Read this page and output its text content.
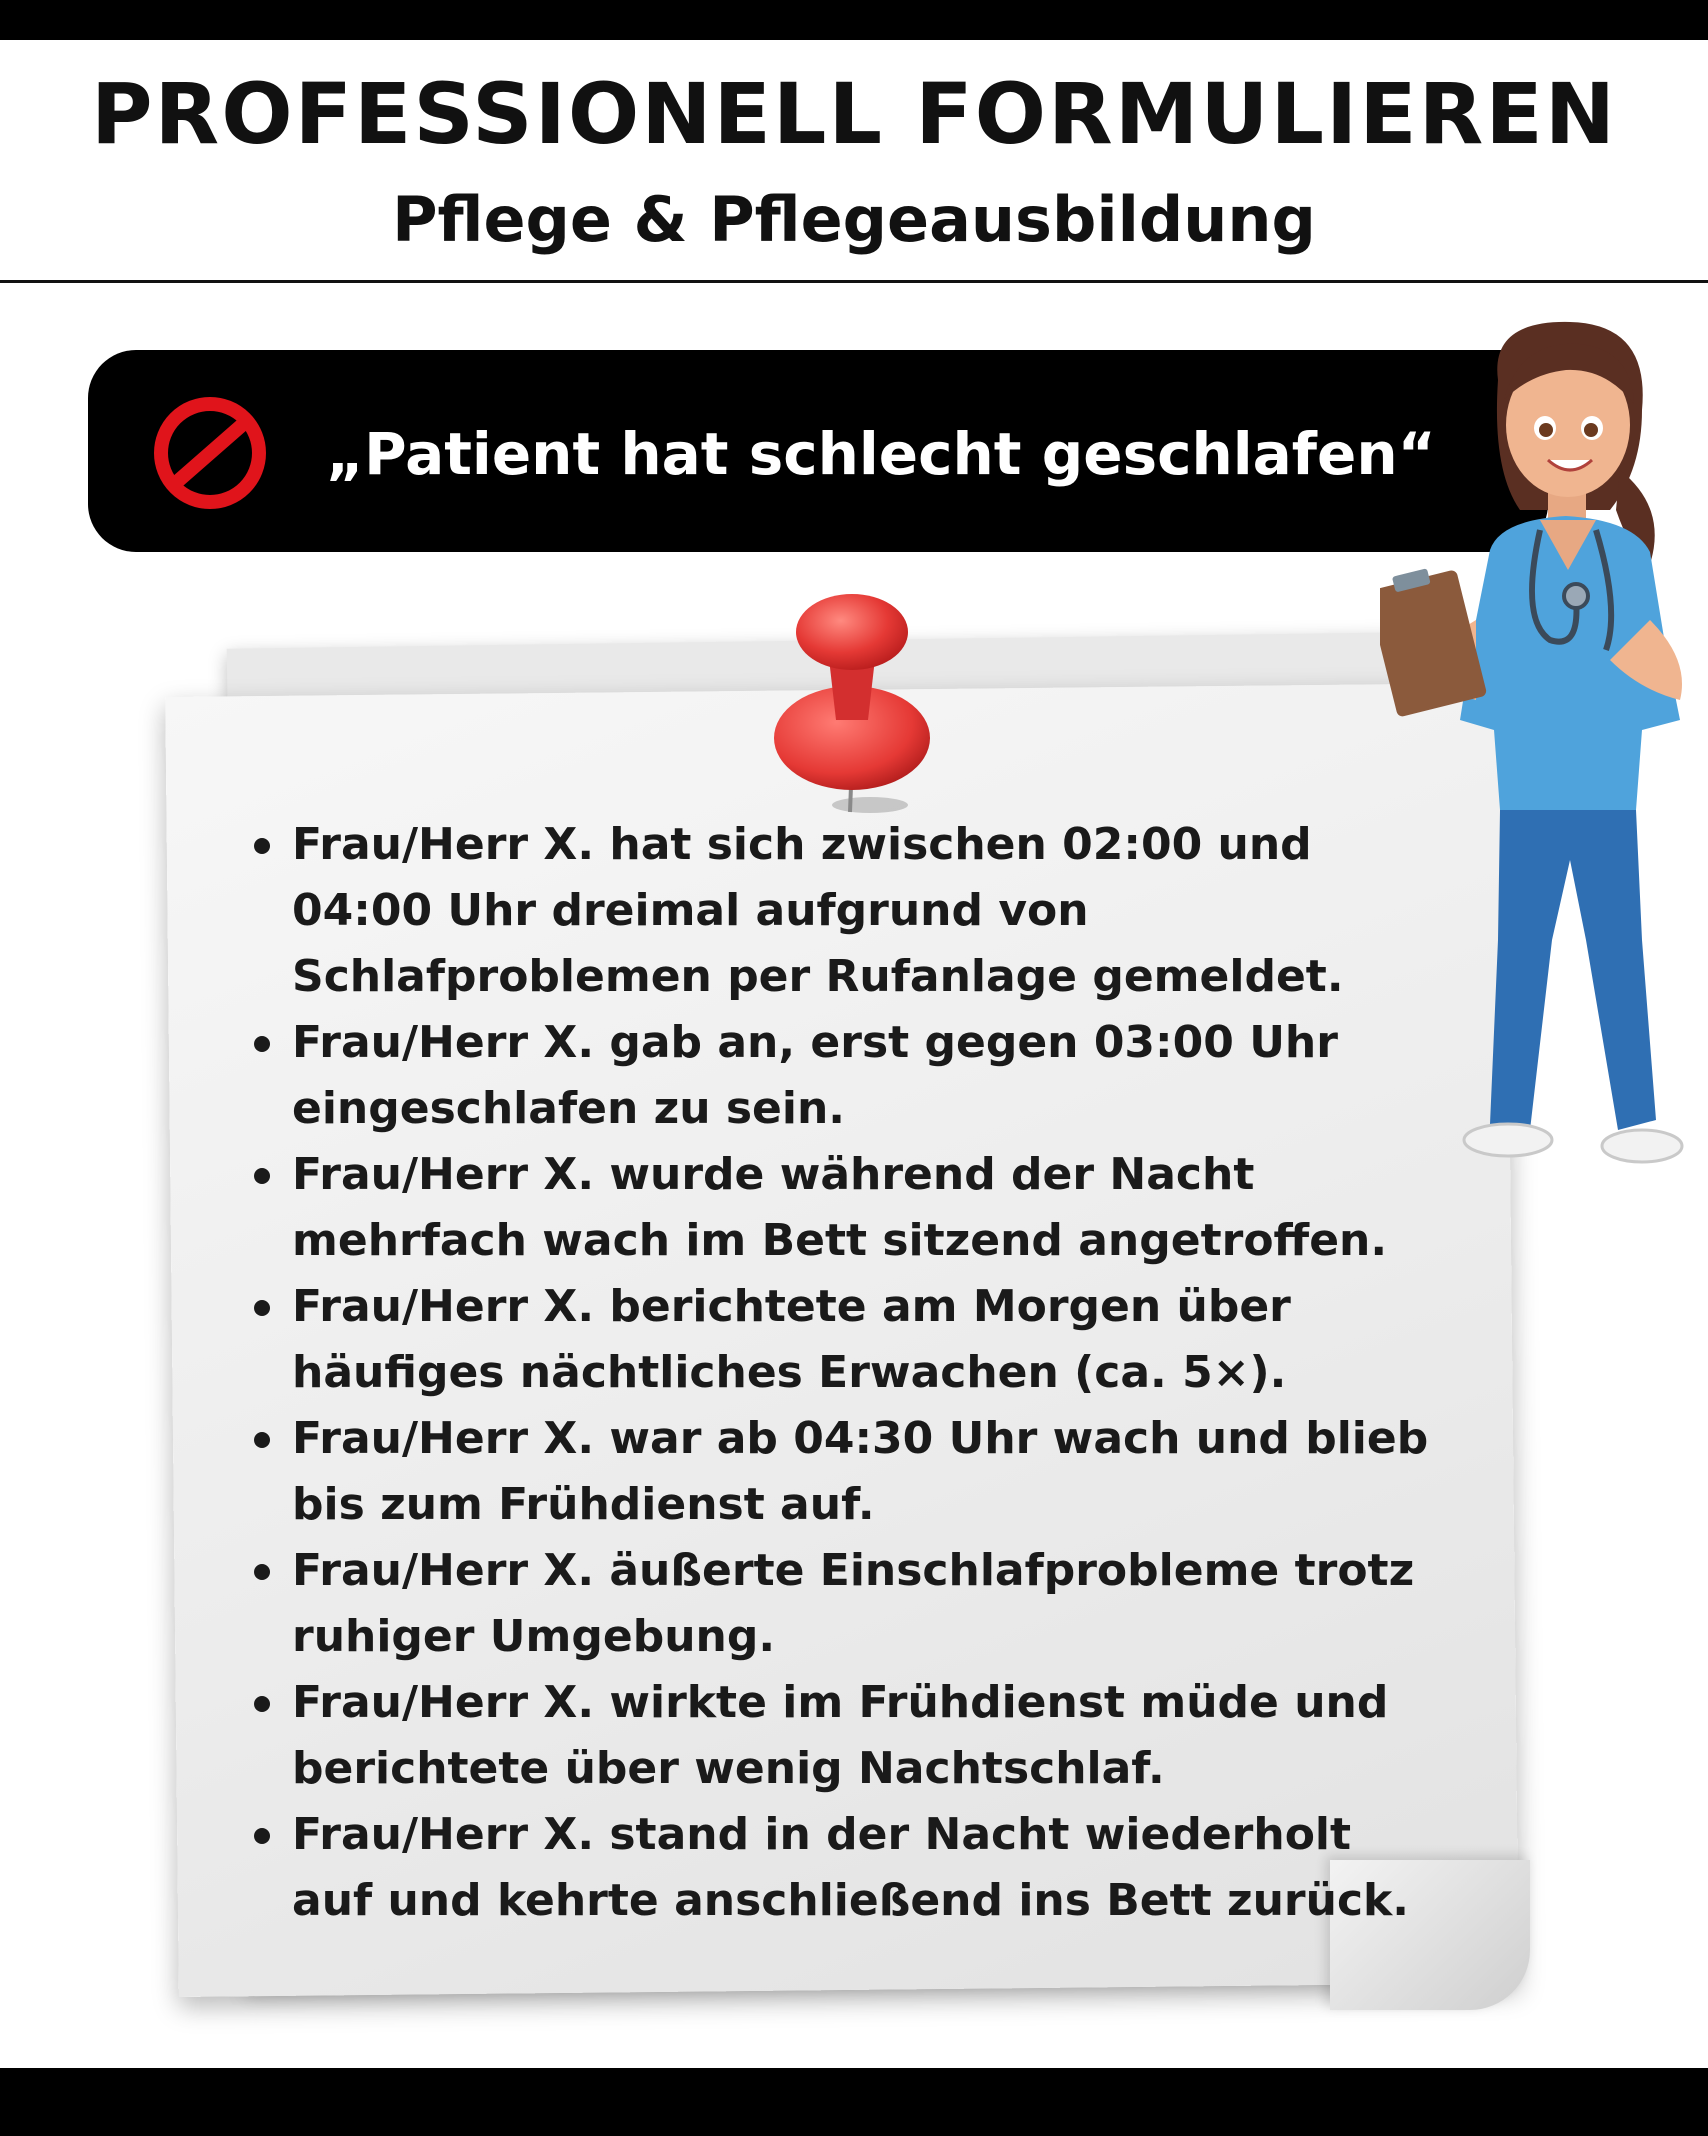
PROFESSIONELL FORMULIEREN
Pflege & Pflegeausbildung
„Patient hat schlecht geschlafen“
Frau/Herr X. hat sich zwischen 02:00 und 04:00 Uhr dreimal aufgrund von Schlafproblemen per Rufanlage gemeldet.
Frau/Herr X. gab an, erst gegen 03:00 Uhr eingeschlafen zu sein.
Frau/Herr X. wurde während der Nacht mehrfach wach im Bett sitzend angetroffen.
Frau/Herr X. berichtete am Morgen über häufiges nächtliches Erwachen (ca. 5×).
Frau/Herr X. war ab 04:30 Uhr wach und blieb bis zum Frühdienst auf.
Frau/Herr X. äußerte Einschlafprobleme trotz ruhiger Umgebung.
Frau/Herr X. wirkte im Frühdienst müde und berichtete über wenig Nachtschlaf.
Frau/Herr X. stand in der Nacht wiederholt auf und kehrte anschließend ins Bett zurück.
